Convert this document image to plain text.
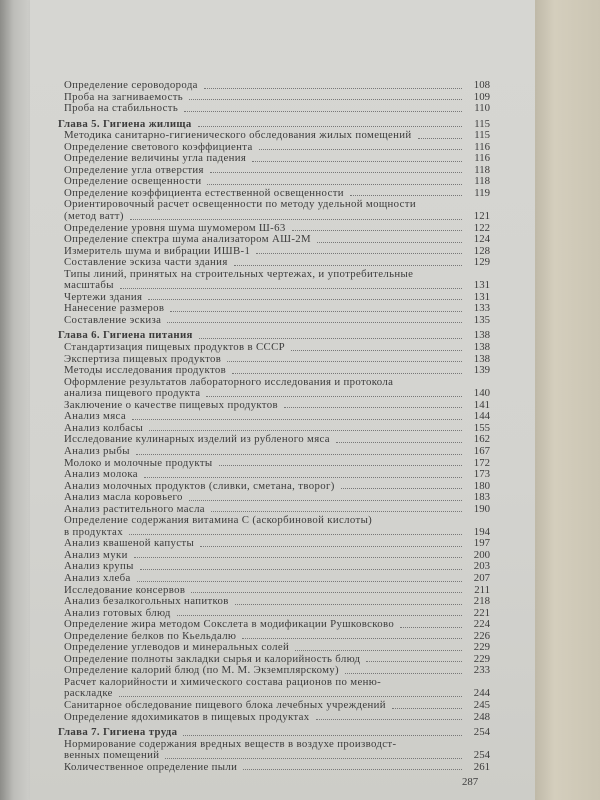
Определение сероводорода	108
Проба на загниваемость	109
Проба на стабильность	110
Глава 5. Гигиена жилища	115
Методика санитарно-гигиенического обследования жилых помещений	115
Определение светового коэффициента	116
Определение величины угла падения	116
Определение угла отверстия	118
Определение освещенности	118
Определение коэффициента естественной освещенности	119
Ориентировочный расчет освещенности по методу удельной мощности
(метод ватт)	121
Определение уровня шума шумомером Ш-63	122
Определение спектра шума анализатором АШ-2М	124
Измеритель шума и вибрации ИШВ-1	128
Составление эскиза части здания	129
Типы линий, принятых на строительных чертежах, и употребительные
масштабы	131
Чертежи здания	131
Нанесение размеров	133
Составление эскиза	135
Глава 6. Гигиена питания	138
Стандартизация пищевых продуктов в СССР	138
Экспертиза пищевых продуктов	138
Методы исследования продуктов	139
Оформление результатов лабораторного исследования и протокола
анализа пищевого продукта	140
Заключение о качестве пищевых продуктов	141
Анализ мяса	144
Анализ колбасы	155
Исследование кулинарных изделий из рубленого мяса	162
Анализ рыбы	167
Молоко и молочные продукты	172
Анализ молока	173
Анализ молочных продуктов (сливки, сметана, творог)	180
Анализ масла коровьего	183
Анализ растительного масла	190
Определение содержания витамина С (аскорбиновой кислоты)
в продуктах	194
Анализ квашеной капусты	197
Анализ муки	200
Анализ крупы	203
Анализ хлеба	207
Исследование консервов	211
Анализ безалкогольных напитков	218
Анализ готовых блюд	221
Определение жира методом Сокслета в модификации Рушковсково	224
Определение белков по Кьельдалю	226
Определение углеводов и минеральных солей	229
Определение полноты закладки сырья и калорийность блюд	229
Определение калорий блюд (по М. М. Экземплярскому)	233
Расчет калорийности и химического состава рационов по меню-
раскладке	244
Санитарное обследование пищевого блока лечебных учреждений	245
Определение ядохимикатов в пищевых продуктах	248
Глава 7. Гигиена труда	254
Нормирование содержания вредных веществ в воздухе производст-
венных помещений	254
Количественное определение пыли	261
287
